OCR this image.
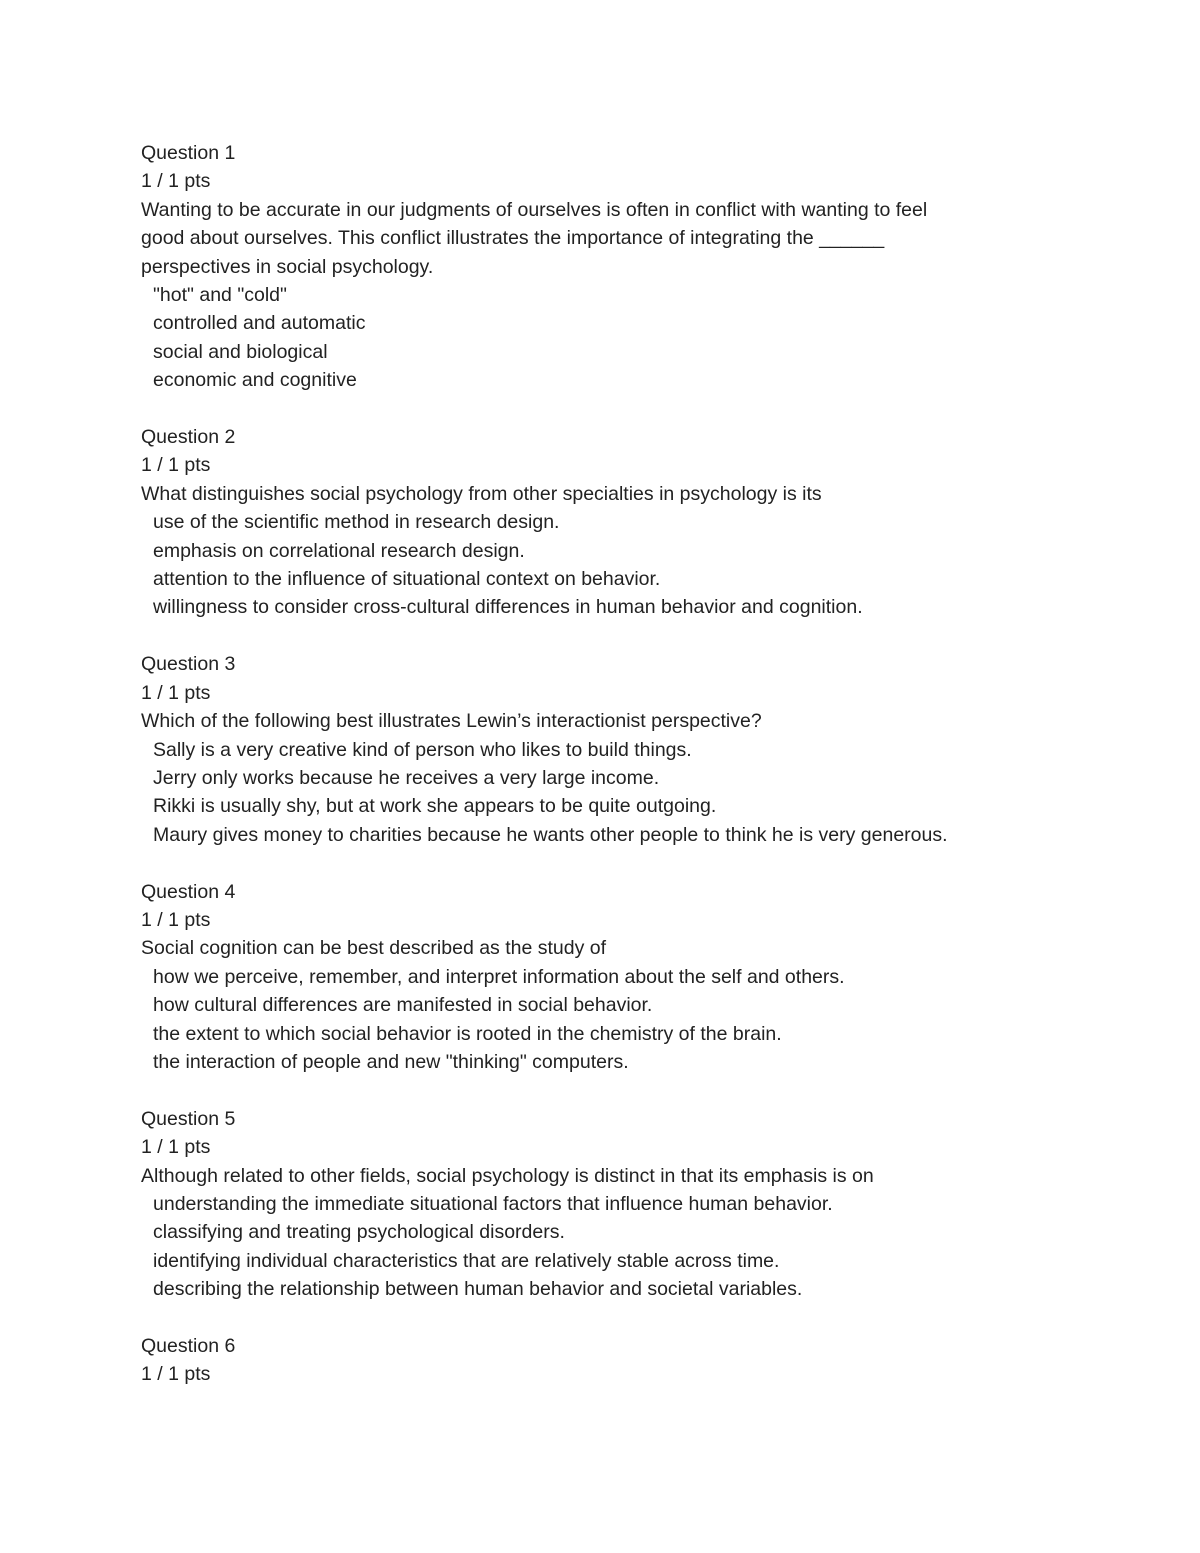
Question 1
1 / 1 pts
Wanting to be accurate in our judgments of ourselves is often in conflict with wanting to feel
good about ourselves. This conflict illustrates the importance of integrating the ______
perspectives in social psychology.
"hot" and "cold"
controlled and automatic
social and biological
economic and cognitive
Question 2
1 / 1 pts
What distinguishes social psychology from other specialties in psychology is its
use of the scientific method in research design.
emphasis on correlational research design.
attention to the influence of situational context on behavior.
willingness to consider cross-cultural differences in human behavior and cognition.
Question 3
1 / 1 pts
Which of the following best illustrates Lewin’s interactionist perspective?
Sally is a very creative kind of person who likes to build things.
Jerry only works because he receives a very large income.
Rikki is usually shy, but at work she appears to be quite outgoing.
Maury gives money to charities because he wants other people to think he is very generous.
Question 4
1 / 1 pts
Social cognition can be best described as the study of
how we perceive, remember, and interpret information about the self and others.
how cultural differences are manifested in social behavior.
the extent to which social behavior is rooted in the chemistry of the brain.
the interaction of people and new "thinking" computers.
Question 5
1 / 1 pts
Although related to other fields, social psychology is distinct in that its emphasis is on
understanding the immediate situational factors that influence human behavior.
classifying and treating psychological disorders.
identifying individual characteristics that are relatively stable across time.
describing the relationship between human behavior and societal variables.
Question 6
1 / 1 pts
